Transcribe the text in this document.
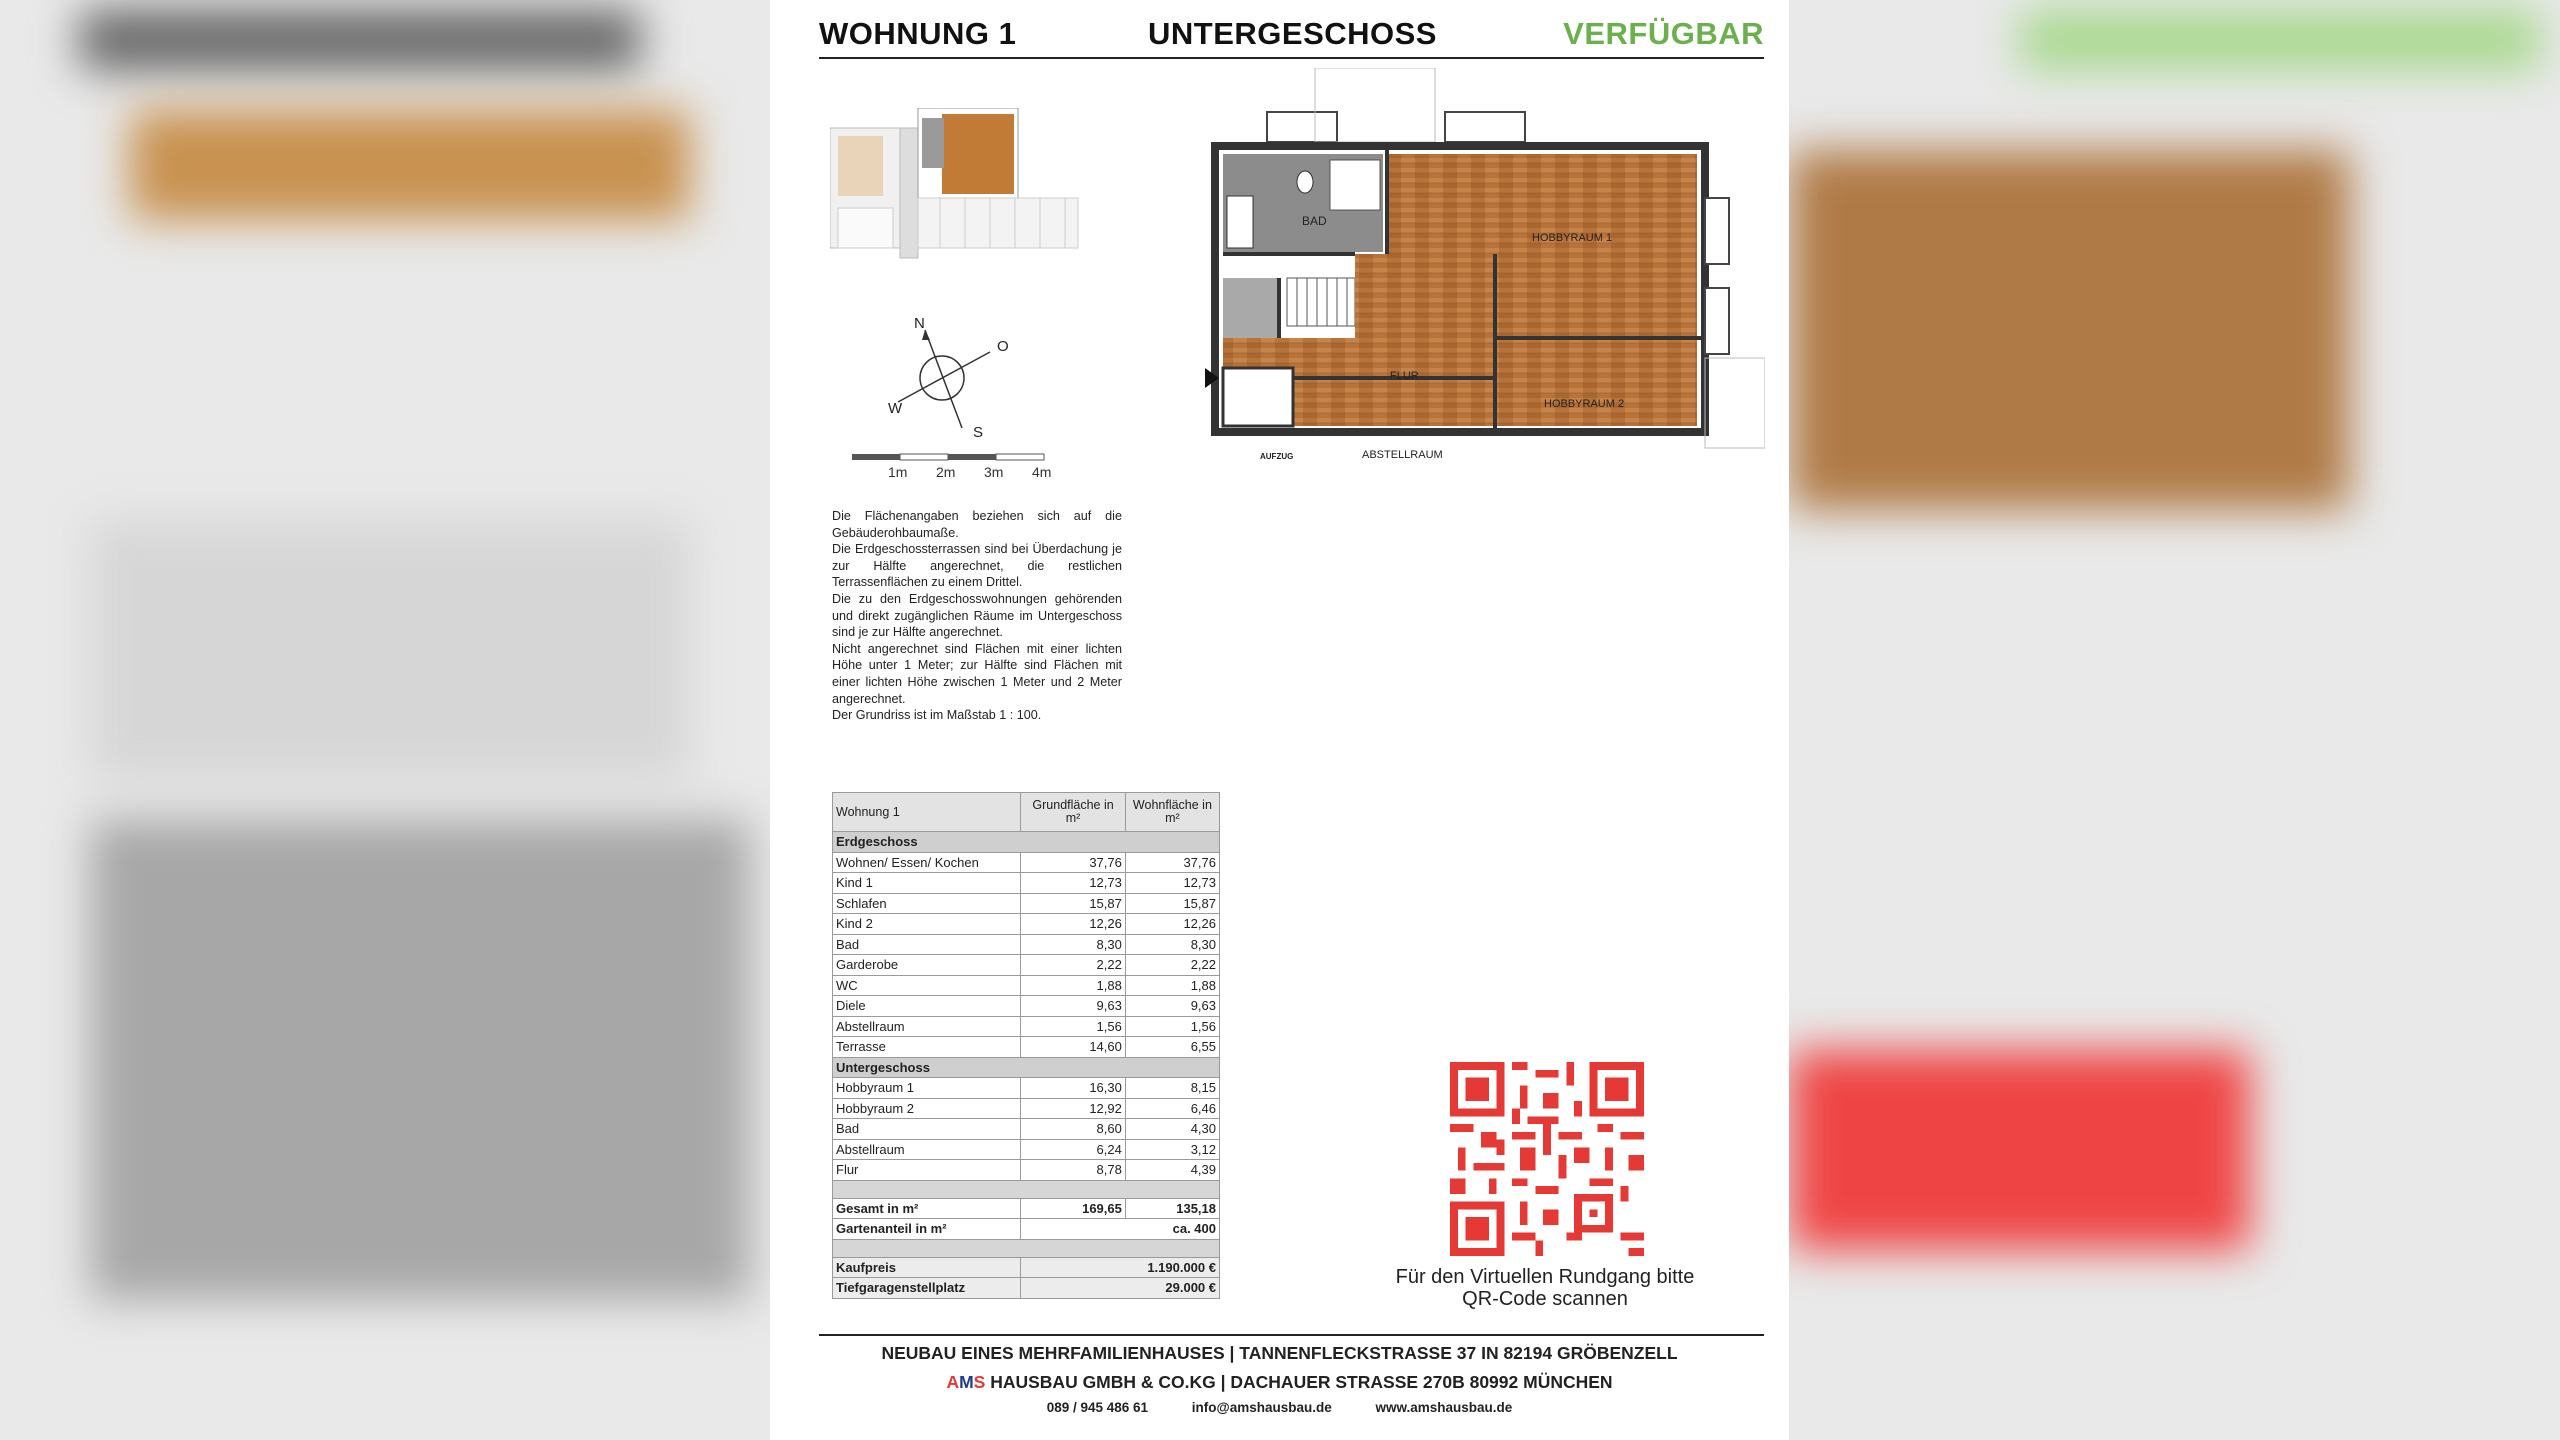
WOHNUNG 1	UNTERGESCHOSS	VERFÜGBAR
N
O
S
W
1m 2m 3m 4m

Die Flächenangaben beziehen sich auf die Gebäuderohbaumaße.

Die Erdgeschossterrassen sind bei Überdachung je zur Hälfte angerechnet, die restlichen Terrassenflächen zu einem Drittel.

Die zu den Erdgeschosswohnungen gehörenden und direkt zugänglichen Räume im Untergeschoss sind je zur Hälfte angerechnet.

Nicht angerechnet sind Flächen mit einer lichten Höhe unter 1 Meter; zur Hälfte sind Flächen mit einer lichten Höhe zwischen 1 Meter und 2 Meter angerechnet.

Der Grundriss ist im Maßstab 1 : 100.

BAD
HOBBYRAUM 1
HOBBYRAUM 2
FLUR
ABSTELLRAUM
AUFZUG
Wohnung 1	Grundfläche in m²	Wohnfläche in m²
Erdgeschoss		
Wohnen/ Essen/ Kochen	37,76	37,76
Kind 1	12,73	12,73
Schlafen	15,87	15,87
Kind 2	12,26	12,26
Bad	8,30	8,30
Garderobe	2,22	2,22
WC	1,88	1,88
Diele	9,63	9,63
Abstellraum	1,56	1,56
Terrasse	14,60	6,55
Untergeschoss		
Hobbyraum 1	16,30	8,15
Hobbyraum 2	12,92	6,46
Bad	8,60	4,30
Abstellraum	6,24	3,12
Flur	8,78	4,39

Gesamt in m²	169,65	135,18
Gartenanteil in m²	ca. 400	

Kaufpreis	1.190.000 €	
Tiefgaragenstellplatz	29.000 €		Für den Virtuellen Rundgang bitte
QR-Code scannen
NEUBAU EINES MEHRFAMILIENHAUSES | TANNENFLECKSTRASSE 37 IN 82194 GRÖBENZELL
AMS HAUSBAU GMBH & CO.KG | DACHAUER STRASSE 270B 80992 MÜNCHEN
089 / 945 486 61	info@amshausbau.de	www.amshausbau.de
